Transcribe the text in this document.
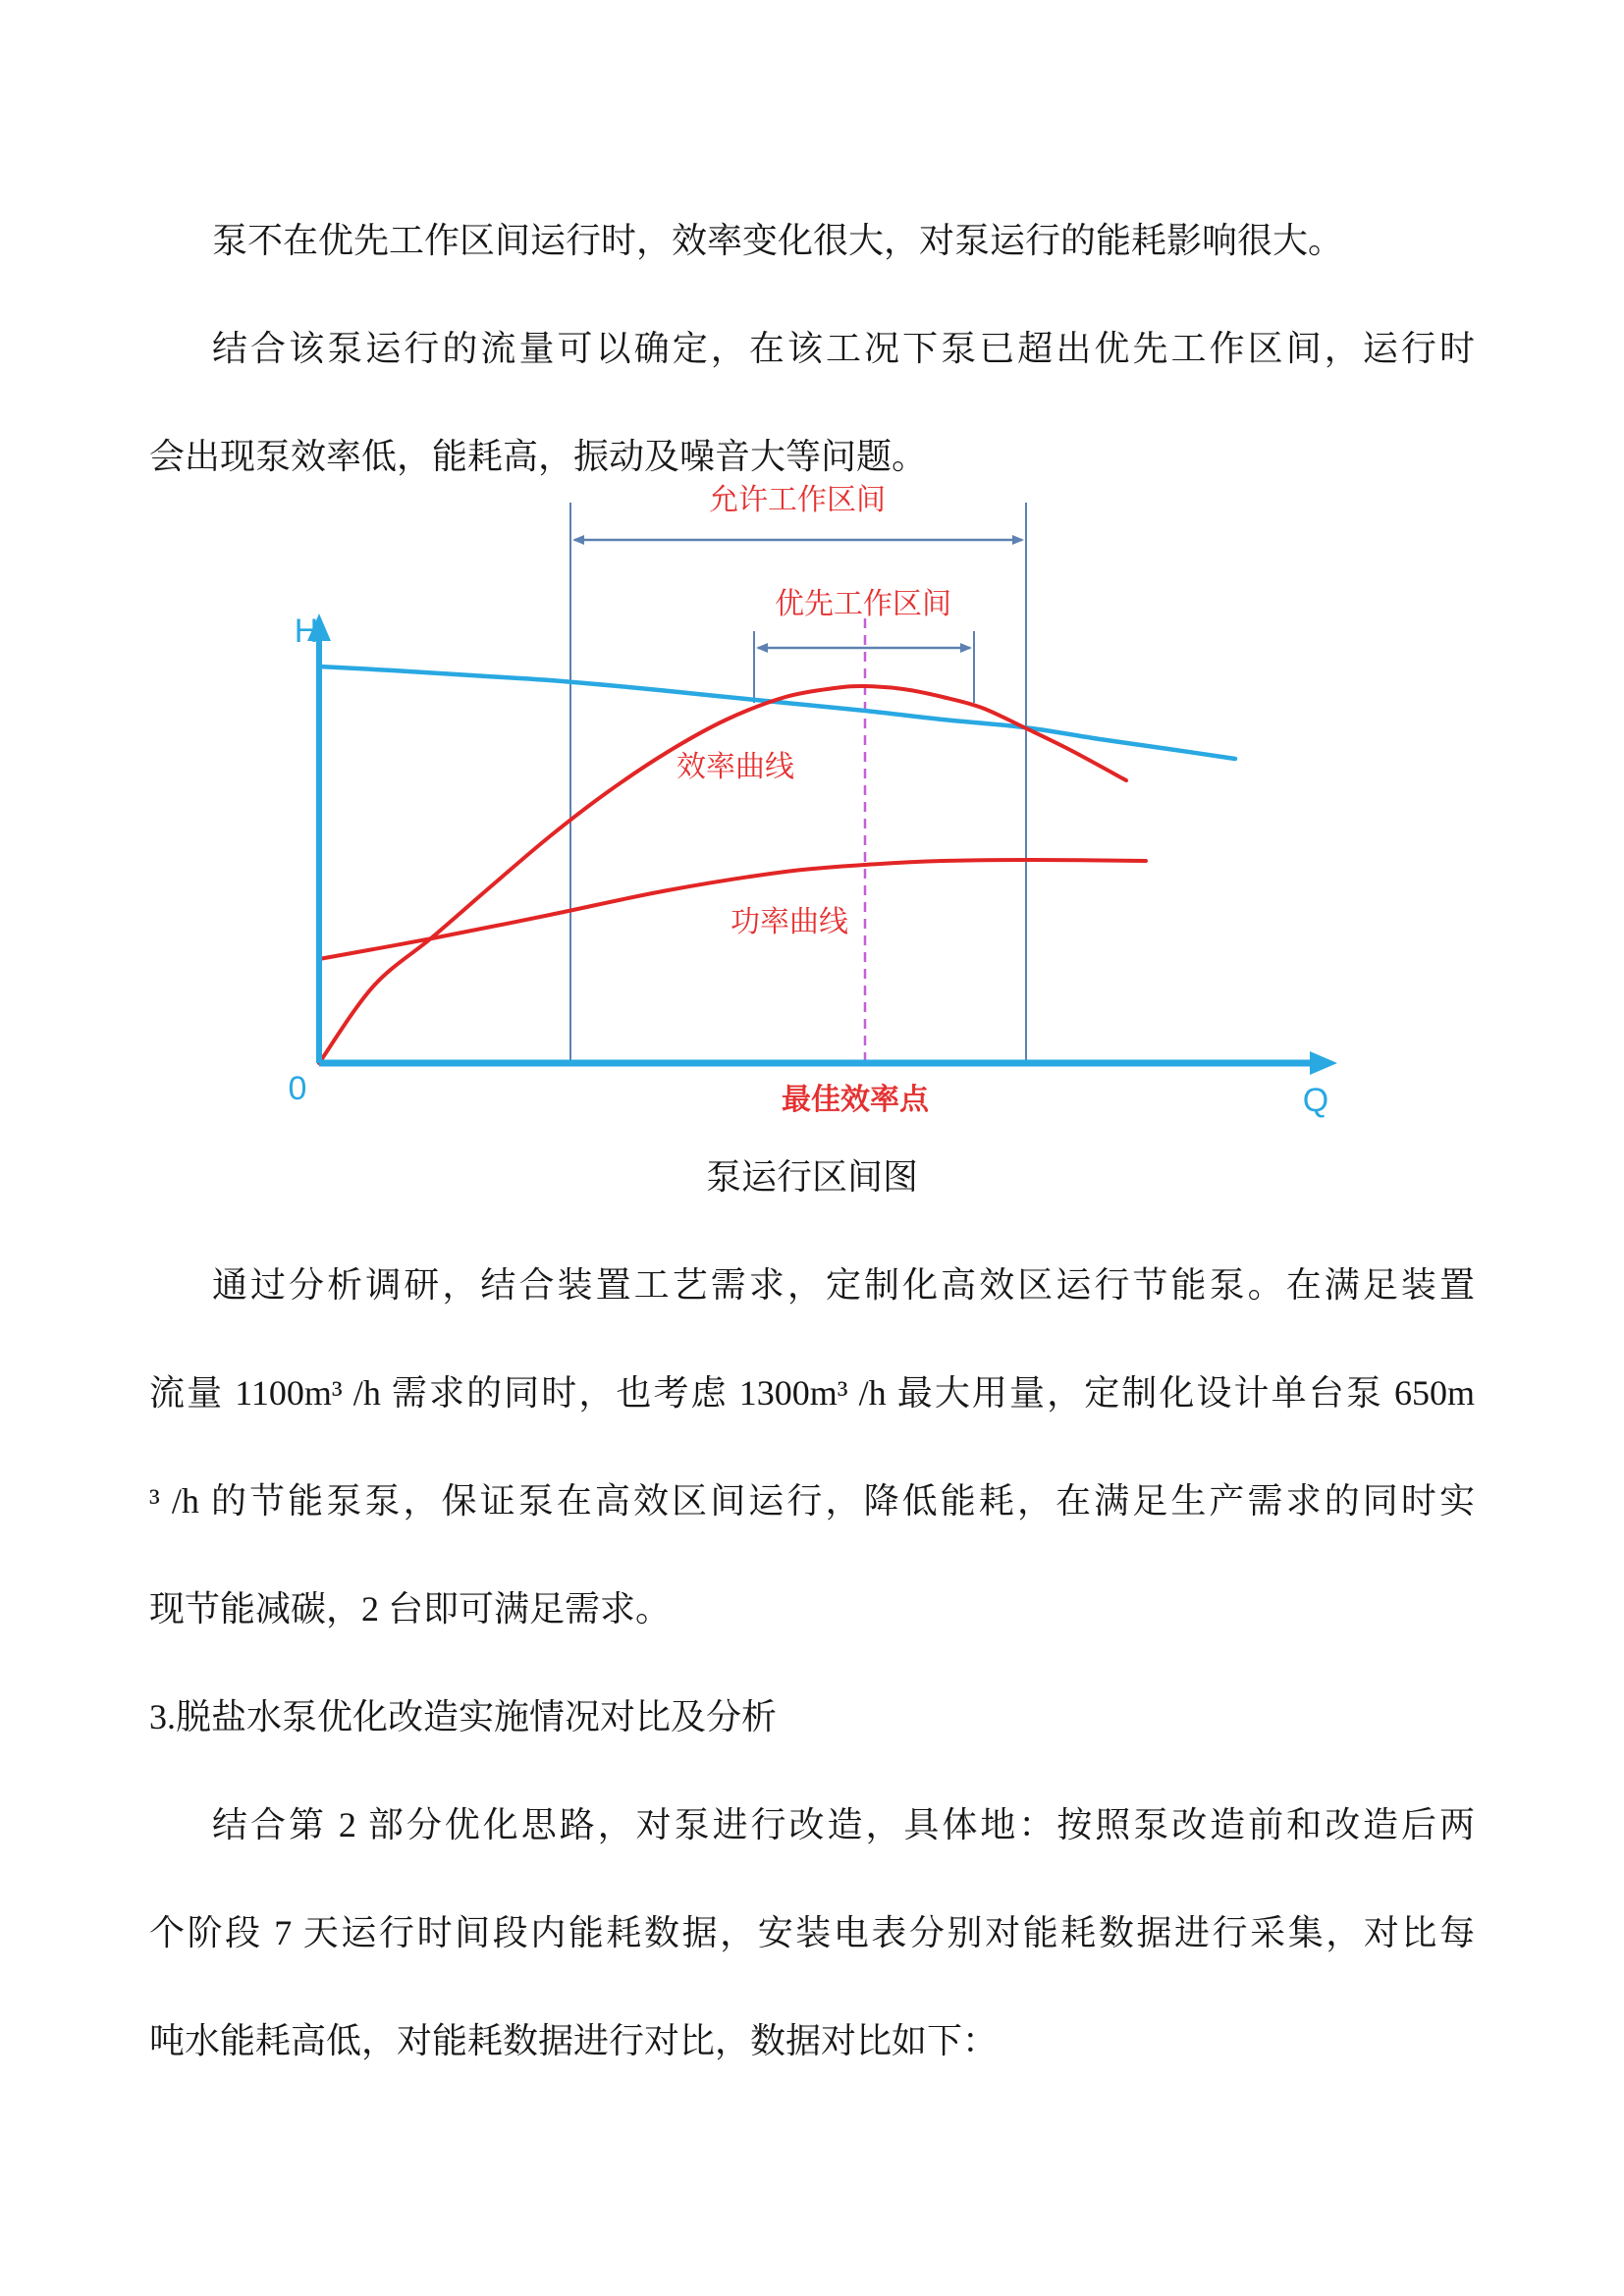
效率曲线
功率曲线
H
Q
0
允许工作区间
优先工作区间
最佳效率点
泵不在优先工作区间运行时，效率变化很大，对泵运行的能耗影响很大。
结合该泵运行的流量可以确定，在该工况下泵已超出优先工作区间，运行时
会出现泵效率低，能耗高，振动及噪音大等问题。
泵运行区间图
通过分析调研，结合装置工艺需求，定制化高效区运行节能泵。在满足装置
流量 1100m³ /h 需求的同时，也考虑 1300m³ /h 最大用量，定制化设计单台泵 650m
³ /h 的节能泵泵，保证泵在高效区间运行，降低能耗，在满足生产需求的同时实
现节能减碳，2 台即可满足需求。
3.脱盐水泵优化改造实施情况对比及分析
结合第 2 部分优化思路，对泵进行改造，具体地：按照泵改造前和改造后两
个阶段 7 天运行时间段内能耗数据，安装电表分别对能耗数据进行采集，对比每
吨水能耗高低，对能耗数据进行对比，数据对比如下：
